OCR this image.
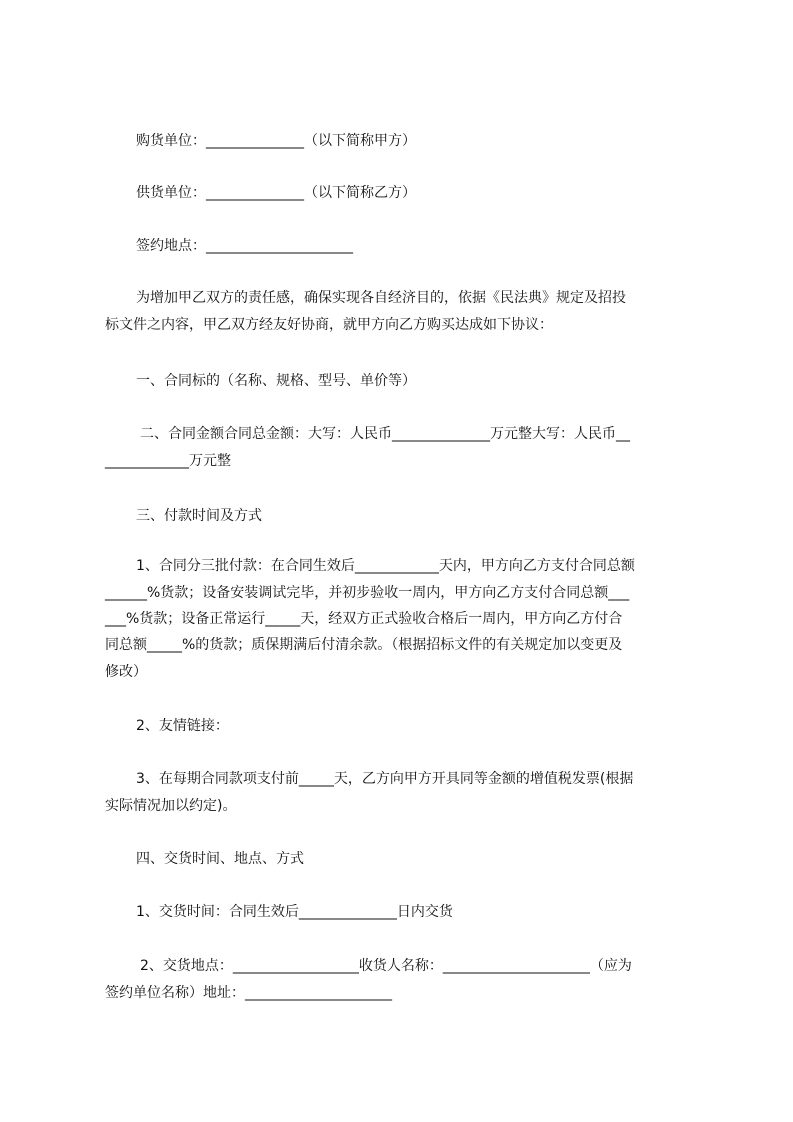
购货单位：______________（以下简称甲方）
供货单位：______________（以下简称乙方）
签约地点：_____________________
为增加甲乙双方的责任感，确保实现各自经济目的，依据《民法典》规定及招投
标文件之内容，甲乙双方经友好协商，就甲方向乙方购买达成如下协议：
一、合同标的（名称、规格、型号、单价等）
二、合同金额合同总金额：大写：人民币______________万元整大写：人民币__
____________万元整
三、付款时间及方式
1、合同分三批付款：在合同生效后____________天内，甲方向乙方支付合同总额
______%货款；设备安装调试完毕，并初步验收一周内，甲方向乙方支付合同总额___
___%货款；设备正常运行_____天，经双方正式验收合格后一周内，甲方向乙方付合
同总额_____%的货款；质保期满后付清余款。（根据招标文件的有关规定加以变更及
修改）
2、友情链接：
3、在每期合同款项支付前_____天，乙方向甲方开具同等金额的增值税发票(根据
实际情况加以约定)。
四、交货时间、地点、方式
1、交货时间：合同生效后______________日内交货
2、交货地点：__________________收货人名称：_____________________（应为
签约单位名称）地址：_____________________
